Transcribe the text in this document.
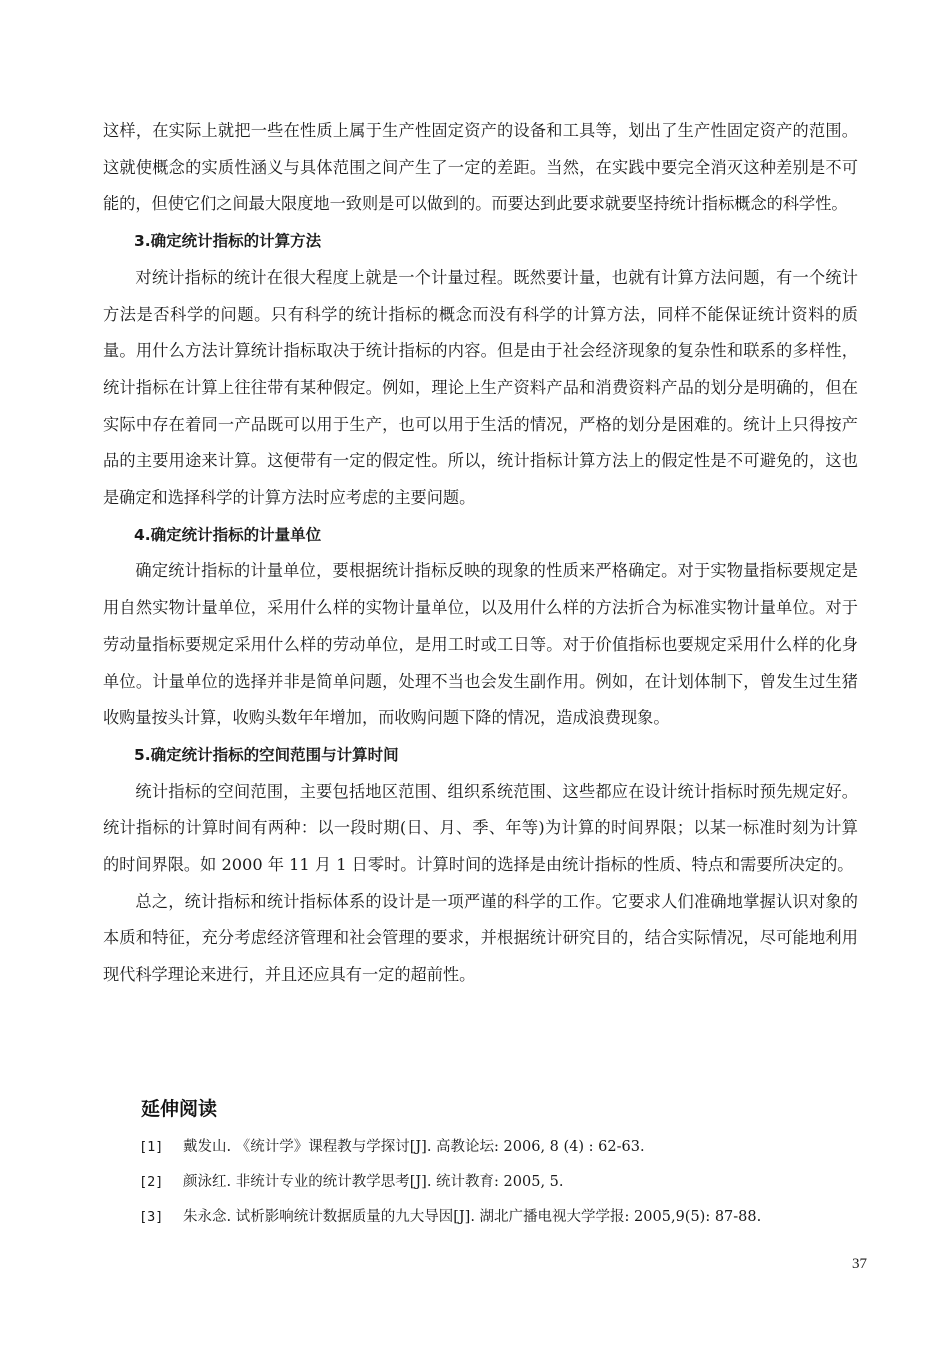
这样，在实际上就把一些在性质上属于生产性固定资产的设备和工具等，划出了生产性固定资产的范围。这就使概念的实质性涵义与具体范围之间产生了一定的差距。当然，在实践中要完全消灭这种差别是不可能的，但使它们之间最大限度地一致则是可以做到的。而要达到此要求就要坚持统计指标概念的科学性。

3.确定统计指标的计算方法

对统计指标的统计在很大程度上就是一个计量过程。既然要计量，也就有计算方法问题，有一个统计方法是否科学的问题。只有科学的统计指标的概念而没有科学的计算方法，同样不能保证统计资料的质量。用什么方法计算统计指标取决于统计指标的内容。但是由于社会经济现象的复杂性和联系的多样性，统计指标在计算上往往带有某种假定。例如，理论上生产资料产品和消费资料产品的划分是明确的，但在实际中存在着同一产品既可以用于生产，也可以用于生活的情况，严格的划分是困难的。统计上只得按产品的主要用途来计算。这便带有一定的假定性。所以，统计指标计算方法上的假定性是不可避免的，这也是确定和选择科学的计算方法时应考虑的主要问题。

4.确定统计指标的计量单位

确定统计指标的计量单位，要根据统计指标反映的现象的性质来严格确定。对于实物量指标要规定是用自然实物计量单位，采用什么样的实物计量单位，以及用什么样的方法折合为标准实物计量单位。对于劳动量指标要规定采用什么样的劳动单位，是用工时或工日等。对于价值指标也要规定采用什么样的化身单位。计量单位的选择并非是简单问题，处理不当也会发生副作用。例如，在计划体制下，曾发生过生猪收购量按头计算，收购头数年年增加，而收购问题下降的情况，造成浪费现象。

5.确定统计指标的空间范围与计算时间

统计指标的空间范围，主要包括地区范围、组织系统范围、这些都应在设计统计指标时预先规定好。统计指标的计算时间有两种：以一段时期(日、月、季、年等)为计算的时间界限；以某一标准时刻为计算的时间界限。如 2000 年 11 月 1 日零时。计算时间的选择是由统计指标的性质、特点和需要所决定的。

总之，统计指标和统计指标体系的设计是一项严谨的科学的工作。它要求人们准确地掌握认识对象的本质和特征，充分考虑经济管理和社会管理的要求，并根据统计研究目的，结合实际情况，尽可能地利用现代科学理论来进行，并且还应具有一定的超前性。

延伸阅读
[1] 戴发山. 《统计学》课程教与学探讨[J]. 高教论坛: 2006, 8 (4) : 62-63.
[2] 颜泳红. 非统计专业的统计教学思考[J]. 统计教育: 2005, 5.
[3] 朱永念. 试析影响统计数据质量的九大导因[J]. 湖北广播电视大学学报: 2005,9(5): 87-88.
37
